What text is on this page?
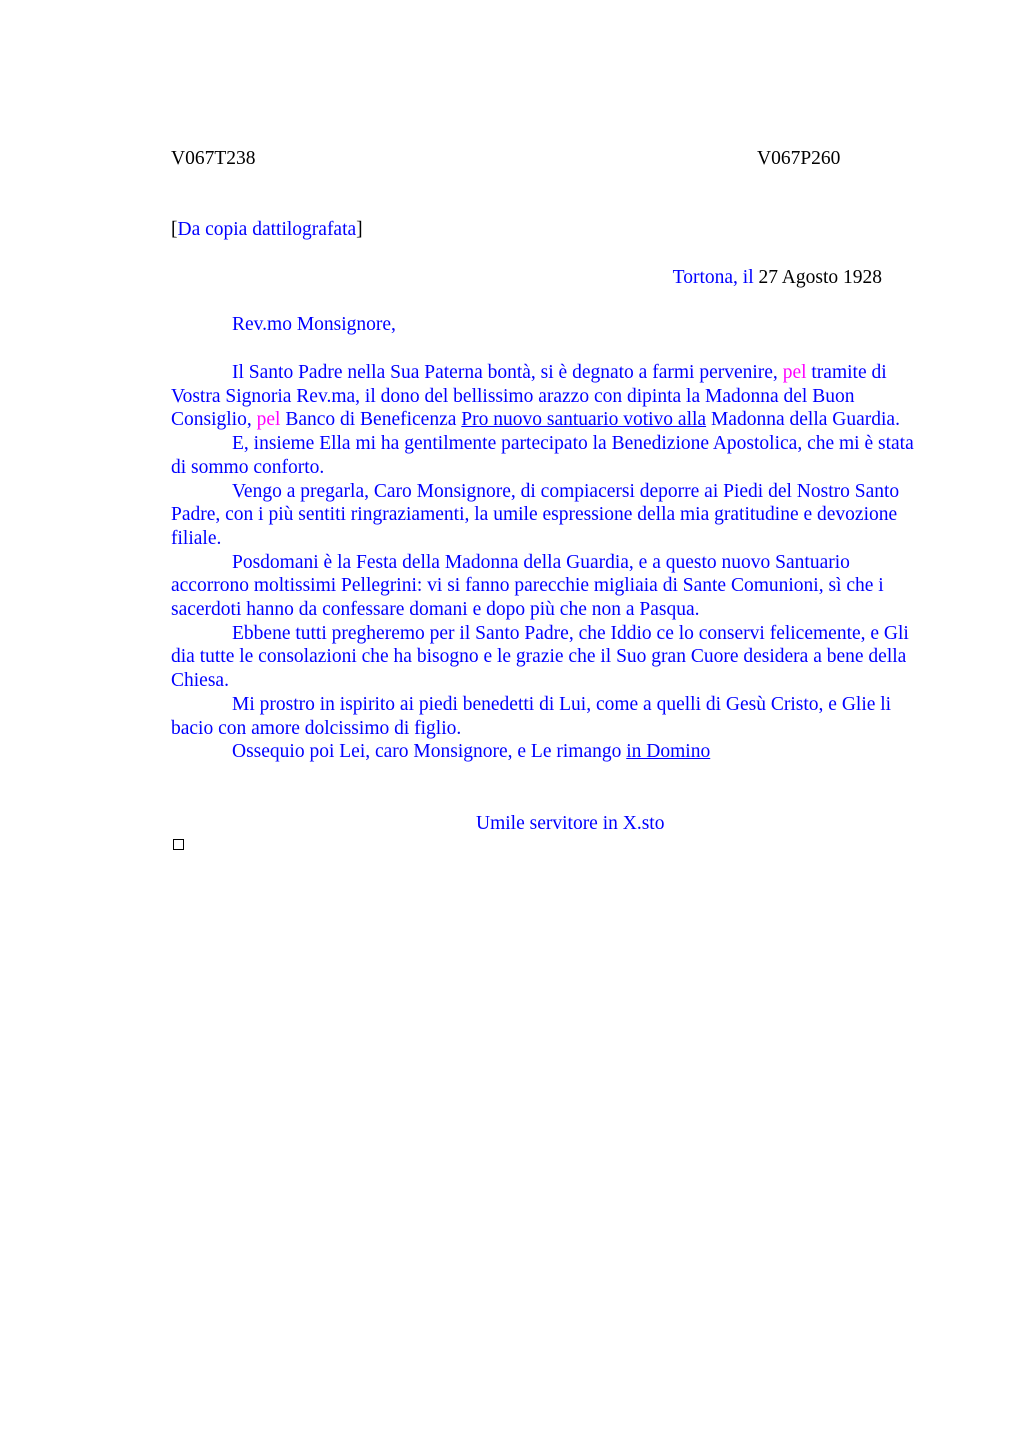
V067T238	V067P260
[Da copia dattilografata]
Tortona, il 27 Agosto 1928
Rev.mo Monsignore,

Il Santo Padre nella Sua Paterna bontà, si è degnato a farmi pervenire, pel tramite di Vostra Signoria Rev.ma, il dono del bellissimo arazzo con dipinta la Madonna del Buon Consiglio, pel Banco di Beneficenza Pro nuovo santuario votivo alla Madonna della Guardia.

E, insieme Ella mi ha gentilmente partecipato la Benedizione Apostolica, che mi è stata di sommo conforto.

Vengo a pregarla, Caro Monsignore, di compiacersi deporre ai Piedi del Nostro Santo Padre, con i più sentiti ringraziamenti, la umile espressione della mia gratitudine e devozione filiale.

Posdomani è la Festa della Madonna della Guardia, e a questo nuovo Santuario accorrono moltissimi Pellegrini: vi si fanno parecchie migliaia di Sante Comunioni, sì che i sacerdoti hanno da confessare domani e dopo più che non a Pasqua.

Ebbene tutti pregheremo per il Santo Padre, che Iddio ce lo conservi felicemente, e Gli dia tutte le consolazioni che ha bisogno e le grazie che il Suo gran Cuore desidera a bene della Chiesa.

Mi prostro in ispirito ai piedi benedetti di Lui, come a quelli di Gesù Cristo, e Glie li bacio con amore dolcissimo di figlio.

Ossequio poi Lei, caro Monsignore, e Le rimango in Domino

Umile servitore in X.sto
